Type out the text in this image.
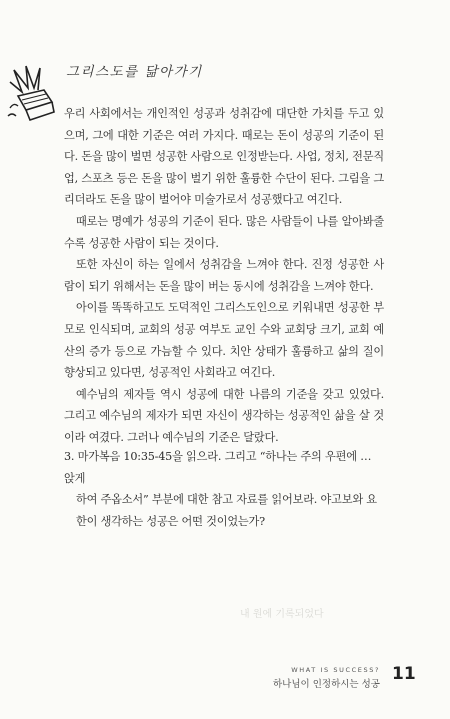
그리스도를 닮아가기

우리 사회에서는 개인적인 성공과 성취감에 대단한 가치를 두고 있으며, 그에 대한 기준은 여러 가지다. 때로는 돈이 성공의 기준이 된다. 돈을 많이 벌면 성공한 사람으로 인정받는다. 사업, 정치, 전문직업, 스포츠 등은 돈을 많이 벌기 위한 훌륭한 수단이 된다. 그림을 그리더라도 돈을 많이 벌어야 미술가로서 성공했다고 여긴다.

때로는 명예가 성공의 기준이 된다. 많은 사람들이 나를 알아봐줄수록 성공한 사람이 되는 것이다.

또한 자신이 하는 일에서 성취감을 느껴야 한다. 진정 성공한 사람이 되기 위해서는 돈을 많이 버는 동시에 성취감을 느껴야 한다.

아이를 똑똑하고도 도덕적인 그리스도인으로 키워내면 성공한 부모로 인식되며, 교회의 성공 여부도 교인 수와 교회당 크기, 교회 예산의 증가 등으로 가늠할 수 있다. 치안 상태가 훌륭하고 삶의 질이 향상되고 있다면, 성공적인 사회라고 여긴다.

예수님의 제자들 역시 성공에 대한 나름의 기준을 갖고 있었다. 그리고 예수님의 제자가 되면 자신이 생각하는 성공적인 삶을 살 것이라 여겼다. 그러나 예수님의 기준은 달랐다.

3. 마가복음 10:35-45을 읽으라. 그리고 “하나는 주의 우편에 … 앉게
하여 주옵소서” 부분에 대한 참고 자료를 읽어보라. 야고보와 요한이 생각하는 성공은 어떤 것이었는가?
내 원에 기록되었다
WHAT IS SUCCESS?
하나님이 인정하시는 성공
11
